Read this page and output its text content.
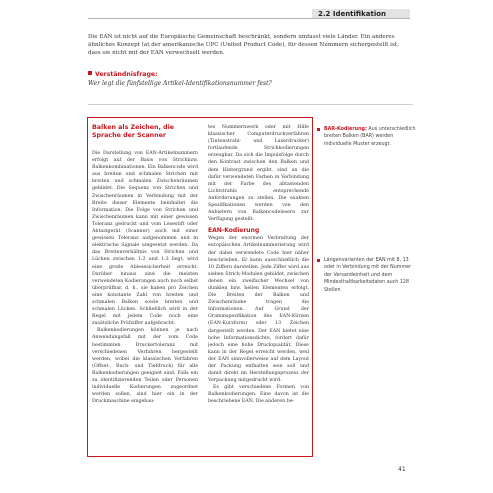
2.2 Identifikation
Die EAN ist nicht auf die Europäische Gemeinschaft beschränkt, sondern umfasst viele Länder. Ein anderes ähnliches Konzept (at der amerikanische UPC (United Product Code), für dessen Nummern sichergestellt ist, dass sie nicht mit der EAN verwechselt werden.
Verständnisfrage:
Wer legt die fünfstellige Artikel-Identifikationsnummer fest?
Balken als Zeichen, die Sprache der Scanner

Die Darstellung von EAN-Artikelnummern erfolgt auf der Basis von Strichbzw. Balkenkombinationen. Ein Balkencode wird aus breiten und schmalen Strichen mit breiten und schmalen Zwischenräumen gebildet. Die Sequenz von Strichen und Zwischenräumen in Verbindung mit der Breite dieser Elemente beinhaltet die Information. Die Folge von Strichen und Zwischenräumen kann mit einer gewissen Toleranz gedruckt und vom Lesestift oder Abtastgerät (Scanner) auch mit einer gewissen Toleranz aufgenommen und in elektrische Signale umgesetzt werden. Da das Breitenverhältnis von Strichen und Lücken zwischen 1:2 und 1:3 liegt, wird eine große Ablesesicherheit erreicht. Darüber hinaus sind die meisten verwendeten Kodierungen auch noch selbst überprüfbar, d. h., sie haben pro Zeichen eine konstante Zahl von breiten und schmalen Balken sowie breiten und schmalen Lücken. Schließlich wird in der Regel mit jedem Code noch eine zusätzliche Prüfziffer aufgebracht.

Balkenkodierungen können je nach Anwendungsfall mit der vom Code bestimmten Druckertoleranz mit verschiedenen Verfahren hergestellt werden, wobei die klassischen Verfahren (Offset-, Buch- und Tiefdruck) für alle Balkenkodierungen geeignet sind. Falls ein zu identifizierenden Teilen oder Personen individuelle Kodierungen zugeordnet werden sollen, sind hier ein in der Druckmaschine eingebau-

tes Nummernwerk oder mit Hilfe klassischer Computerdruckverfahren (Tintenstrahl- und Laserdrucker) fortlaufende Strichkodierungen erzeugbar. Da sich die Impulsfolge durch den Kontrast zwischen den Balken und dem Hintergrund ergibt, sind an die dafür verwendeten Farben in Verbindung mit der Farbe des abtastenden Lichtstrahls entsprechende Anforderungen zu stellen. Die exakten Spezifikationen werden von den Anbietern von Balkencodelesern zur Verfügung gestellt.

EAN-Kodierung

Wegen der enormen Verbreitung der europäischen Artikelnummerierung wird der dabei verwendete Code hier näher beschrieben. Er kann ausschließlich die 10 Ziffern darstellen. Jede Ziffer wird aus sieben Strich-Modulen gebildet, zwischen denen ein zweifacher Wechsel von dunklen bzw. hellen Elementen erfolgt. Die Breiten der Balken und Zwischenräume tragen die Informationen. Auf Grund der Grammspezifikation des EAN-Kürzen (EAN-Kurzform) oder 13 Zeichen dargestellt werden. Der EAN bietet eine hohe Informationsdichte, fordert dafür jedoch eine hohe Druckqualität. Diese kann in der Regel erreicht werden, weil der EAN sinnvollerweise auf dem Layout der Packung enthalten sein soll und damit direkt im Herstellungsprozess der Verpackung mitgedruckt wird.

Es gibt verschiedene Formen von Balkenkodierungen. Eine davon ist die beschriebene EAN. Die anderen be-

BAR-Kodierung: Aus unterschiedlich breiten Balken (BAR) werden individuelle Muster erzeugt.
Längenvarianten der EAN mit 8, 13 oder in Verbindung mit der Nummer der Versandeinheit und dem Mindesthaltbarkeitsdaten auch 128 Stellen
41
